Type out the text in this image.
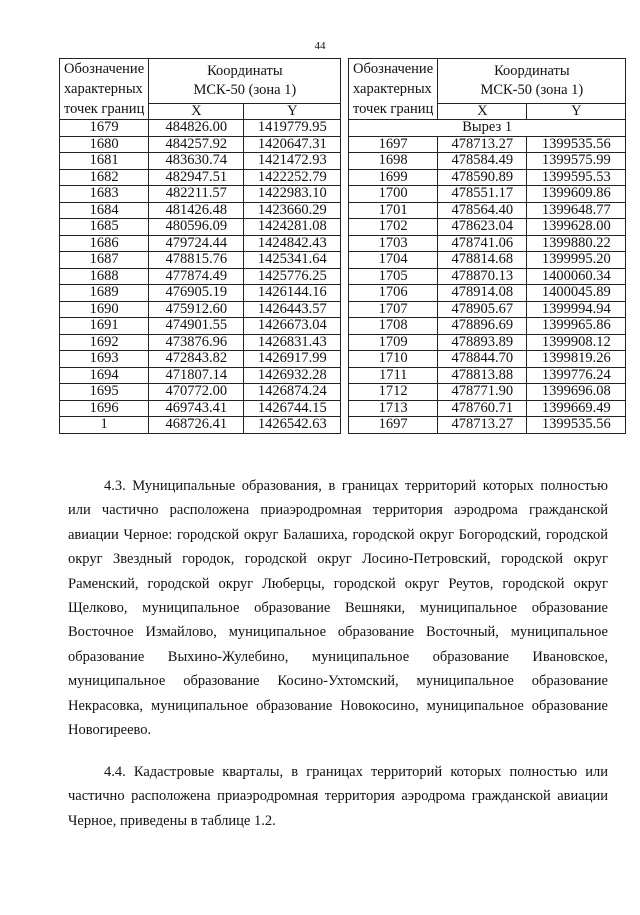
44
Обозначение
характерных
точек границ	Координаты
МСК-50 (зона 1)	
	X	Y
1679	484826.00	1419779.95
1680	484257.92	1420647.31
1681	483630.74	1421472.93
1682	482947.51	1422252.79
1683	482211.57	1422983.10
1684	481426.48	1423660.29
1685	480596.09	1424281.08
1686	479724.44	1424842.43
1687	478815.76	1425341.64
1688	477874.49	1425776.25
1689	476905.19	1426144.16
1690	475912.60	1426443.57
1691	474901.55	1426673.04
1692	473876.96	1426831.43
1693	472843.82	1426917.99
1694	471807.14	1426932.28
1695	470772.00	1426874.24
1696	469743.41	1426744.15
1	468726.41	1426542.63
Обозначение
характерных
точек границ	Координаты
МСК-50 (зона 1)	
	X	Y
Вырез 1		
1697	478713.27	1399535.56
1698	478584.49	1399575.99
1699	478590.89	1399595.53
1700	478551.17	1399609.86
1701	478564.40	1399648.77
1702	478623.04	1399628.00
1703	478741.06	1399880.22
1704	478814.68	1399995.20
1705	478870.13	1400060.34
1706	478914.08	1400045.89
1707	478905.67	1399994.94
1708	478896.69	1399965.86
1709	478893.89	1399908.12
1710	478844.70	1399819.26
1711	478813.88	1399776.24
1712	478771.90	1399696.08
1713	478760.71	1399669.49
1697	478713.27	1399535.56

4.3. Муниципальные образования, в границах территорий которых полностью или частично расположена приаэродромная территория аэродрома гражданской авиации Черное: городской округ Балашиха, городской округ Богородский, городской округ Звездный городок, городской округ Лосино-Петровский, городской округ Раменский, городской округ Люберцы, городской округ Реутов, городской округ Щелково, муниципальное образование Вешняки, муниципальное образование Восточное Измайлово, муниципальное образование Восточный, муниципальное образование Выхино-Жулебино, муниципальное образование Ивановское, муниципальное образование Косино-Ухтомский, муниципальное образование Некрасовка, муниципальное образование Новокосино, муниципальное образование Новогиреево.

4.4. Кадастровые кварталы, в границах территорий которых полностью или частично расположена приаэродромная территория аэродрома гражданской авиации Черное, приведены в таблице 1.2.
